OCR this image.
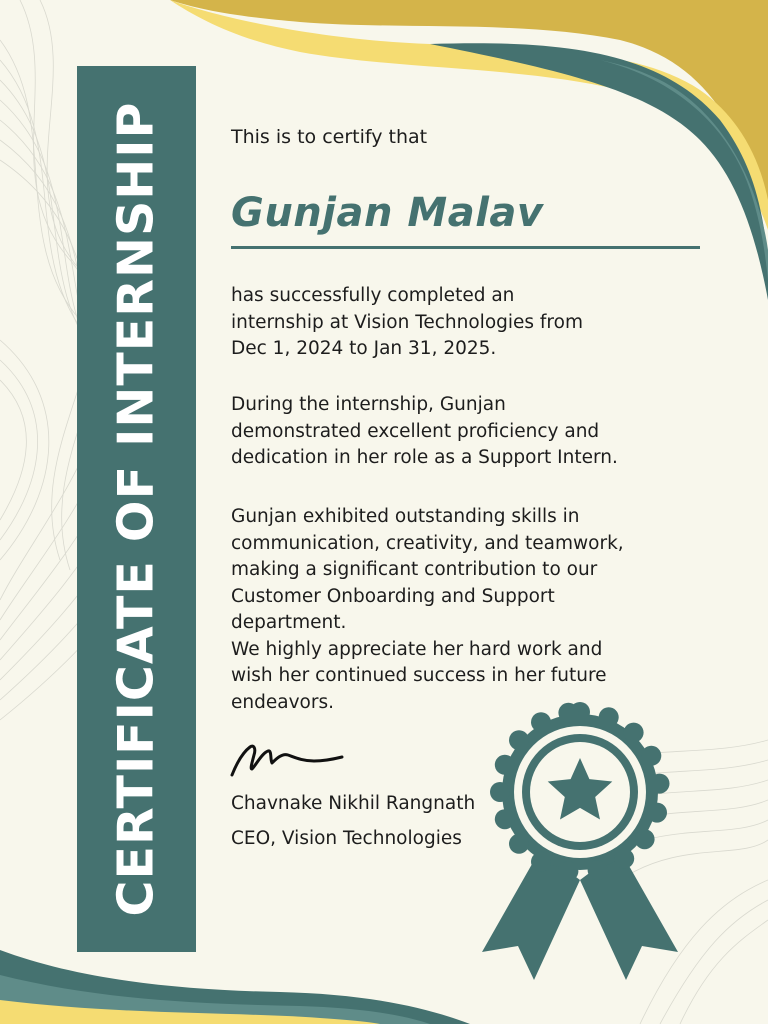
CERTIFICATE OF INTERNSHIP	This is to certify that
Gunjan Malav
has successfully completed an
internship at Vision Technologies from
Dec 1, 2024 to Jan 31, 2025.
During the internship, Gunjan
demonstrated excellent proficiency and
dedication in her role as a Support Intern.
Gunjan exhibited outstanding skills in
communication, creativity, and teamwork,
making a significant contribution to our
Customer Onboarding and Support
department.
We highly appreciate her hard work and
wish her continued success in her future
endeavors.
Chavnake Nikhil Rangnath
CEO, Vision Technologies
